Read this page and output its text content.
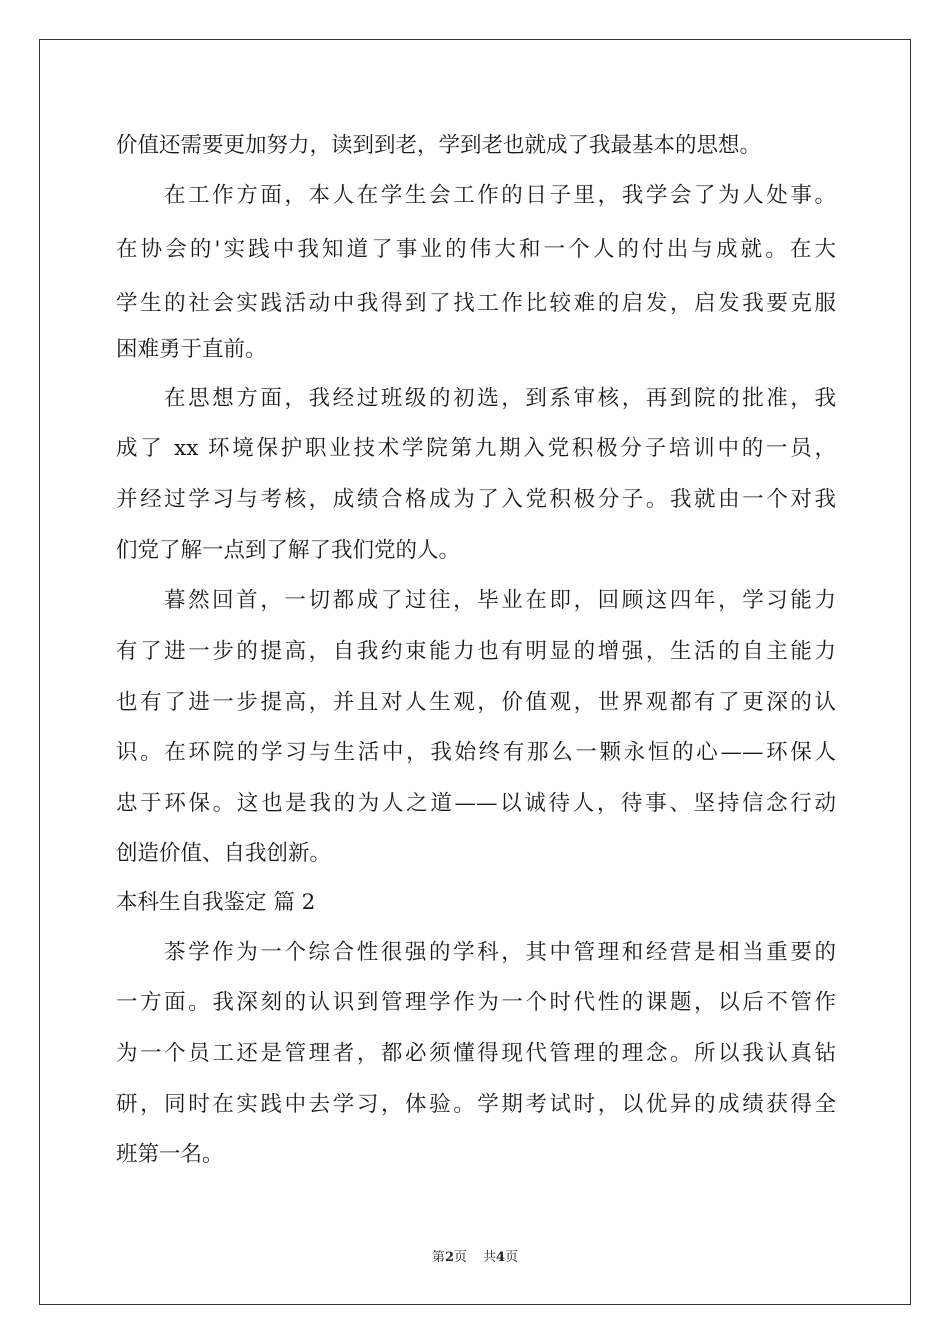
价值还需要更加努力，读到到老，学到老也就成了我最基本的思想。
在工作方面，本人在学生会工作的日子里，我学会了为人处事。
在协会的'实践中我知道了事业的伟大和一个人的付出与成就。在大
学生的社会实践活动中我得到了找工作比较难的启发，启发我要克服
困难勇于直前。
在思想方面，我经过班级的初选，到系审核，再到院的批准，我
成了 xx 环境保护职业技术学院第九期入党积极分子培训中的一员，
并经过学习与考核，成绩合格成为了入党积极分子。我就由一个对我
们党了解一点到了解了我们党的人。
暮然回首，一切都成了过往，毕业在即，回顾这四年，学习能力
有了进一步的提高，自我约束能力也有明显的增强，生活的自主能力
也有了进一步提高，并且对人生观，价值观，世界观都有了更深的认
识。在环院的学习与生活中，我始终有那么一颗永恒的心——环保人
忠于环保。这也是我的为人之道——以诚待人，待事、坚持信念行动
创造价值、自我创新。
本科生自我鉴定 篇 2
茶学作为一个综合性很强的学科，其中管理和经营是相当重要的
一方面。我深刻的认识到管理学作为一个时代性的课题，以后不管作
为一个员工还是管理者，都必须懂得现代管理的理念。所以我认真钻
研，同时在实践中去学习，体验。学期考试时，以优异的成绩获得全
班第一名。
第2页 共4页
